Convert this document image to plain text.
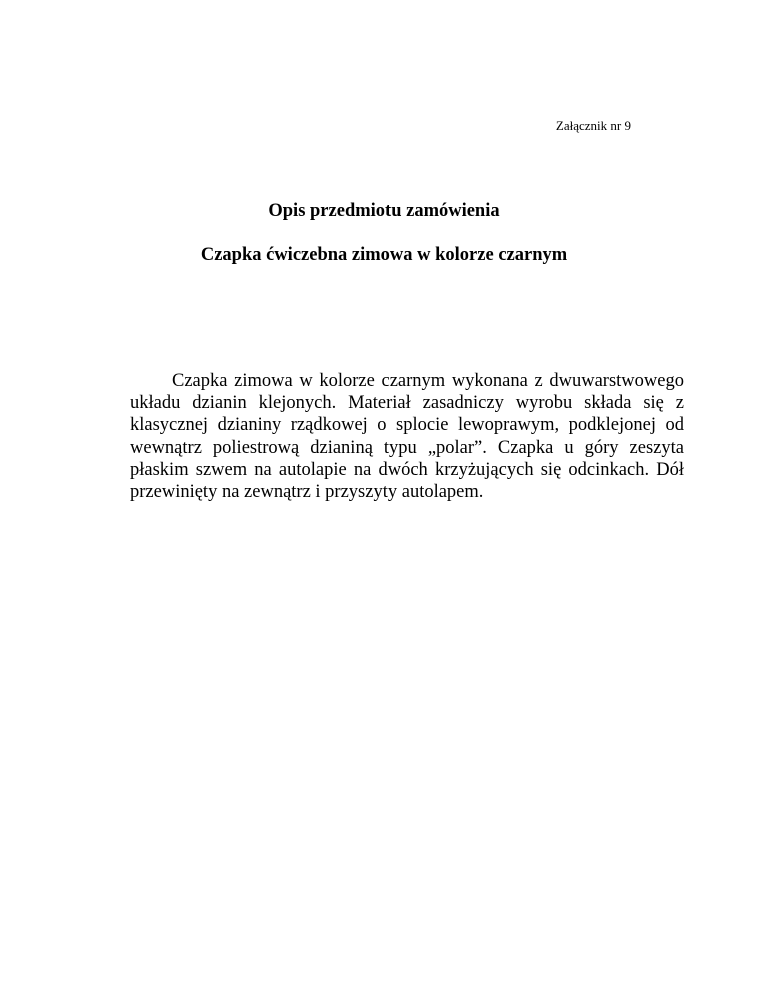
Załącznik nr 9
Opis przedmiotu zamówienia
Czapka ćwiczebna zimowa w kolorze czarnym

Czapka zimowa w kolorze czarnym wykonana z dwuwarstwowego układu dzianin klejonych. Materiał zasadniczy wyrobu składa się z klasycznej dzianiny rządkowej o splocie lewoprawym, podklejonej od wewnątrz poliestrową dzianiną typu „polar”. Czapka u góry zeszyta płaskim szwem na autolapie na dwóch krzyżujących się odcinkach. Dół przewinięty na zewnątrz i przyszyty autolapem.
